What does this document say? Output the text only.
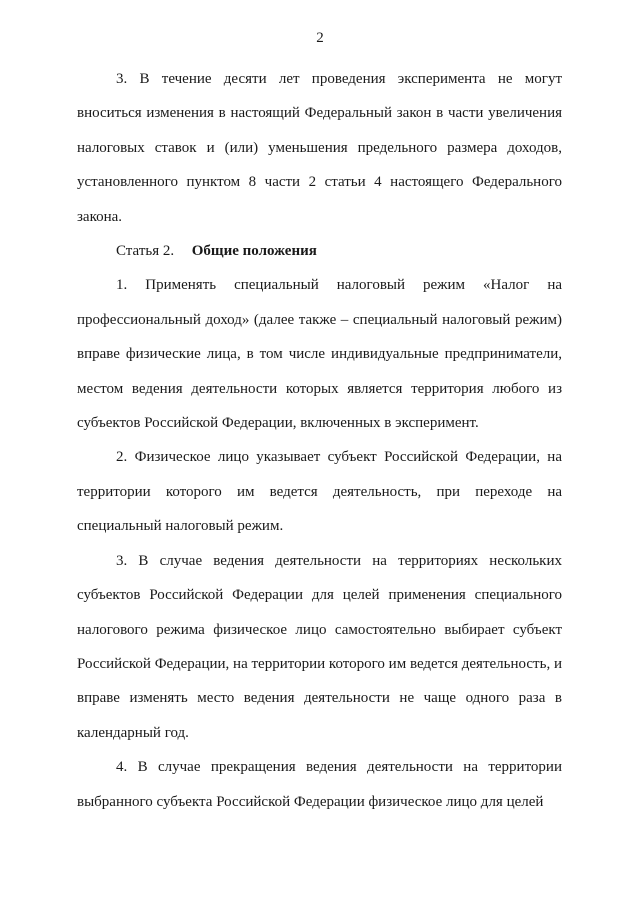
2

3. В течение десяти лет проведения эксперимента не могут вноситься изменения в настоящий Федеральный закон в части увеличения налоговых ставок и (или) уменьшения предельного размера доходов, установленного пунктом 8 части 2 статьи 4 настоящего Федерального закона.

Статья 2. Общие положения

1. Применять специальный налоговый режим «Налог на профессиональный доход» (далее также – специальный налоговый режим) вправе физические лица, в том числе индивидуальные предприниматели, местом ведения деятельности которых является территория любого из субъектов Российской Федерации, включенных в эксперимент.

2. Физическое лицо указывает субъект Российской Федерации, на территории которого им ведется деятельность, при переходе на специальный налоговый режим.

3. В случае ведения деятельности на территориях нескольких субъектов Российской Федерации для целей применения специального налогового режима физическое лицо самостоятельно выбирает субъект Российской Федерации, на территории которого им ведется деятельность, и вправе изменять место ведения деятельности не чаще одного раза в календарный год.

4. В случае прекращения ведения деятельности на территории выбранного субъекта Российской Федерации физическое лицо для целей
